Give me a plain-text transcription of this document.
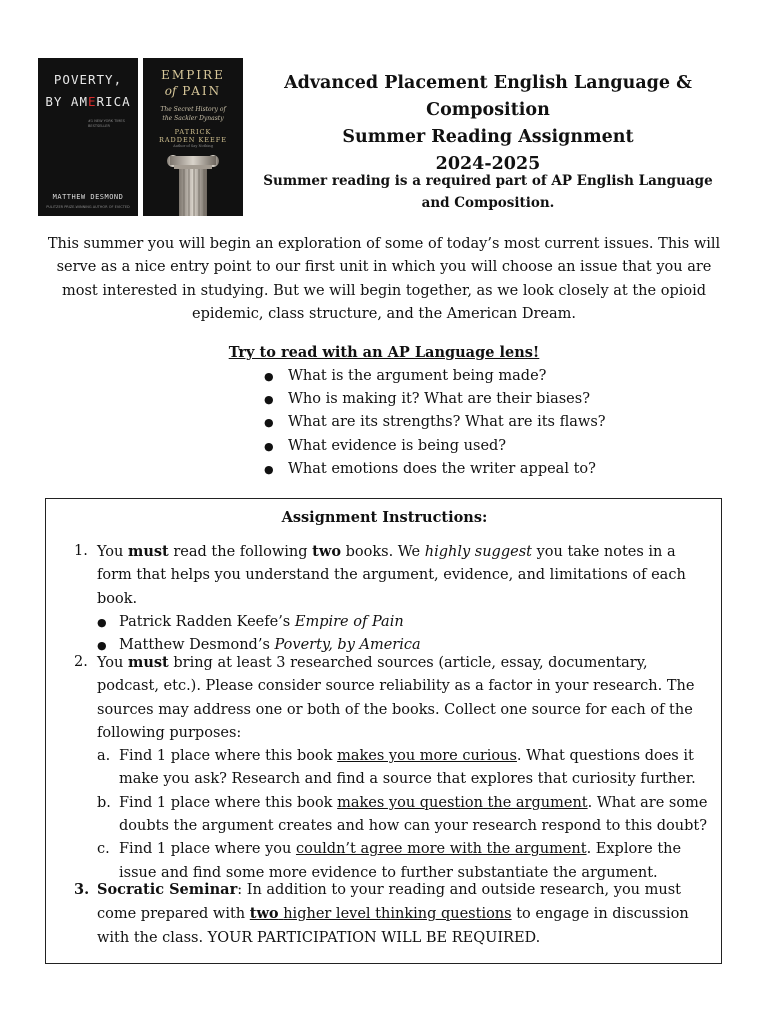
POVERTY,
BY AMERICA
#1 NEW YORK TIMES BESTSELLER
MATTHEW DESMOND
PULITZER PRIZE-WINNING AUTHOR OF EVICTED
EMPIRE
of PAIN
The Secret History of the Sackler Dynasty
PATRICK
RADDEN KEEFE
Author of Say Nothing
Advanced Placement English Language & Composition
Summer Reading Assignment
2024-2025
Summer reading is a required part of AP English Language and Composition.
This summer you will begin an exploration of some of today’s most current issues. This will serve as a nice entry point to our first unit in which you will choose an issue that you are most interested in studying. But we will begin together, as we look closely at the opioid epidemic, class structure, and the American Dream.
Try to read with an AP Language lens!
● What is the argument being made?
● Who is making it? What are their biases?
● What are its strengths? What are its flaws?
● What evidence is being used?
● What emotions does the writer appeal to?
Assignment Instructions:
1. You must read the following two books. We highly suggest you take notes in a form that helps you understand the argument, evidence, and limitations of each book.
● Patrick Radden Keefe’s Empire of Pain
● Matthew Desmond’s Poverty, by America
2. You must bring at least 3 researched sources (article, essay, documentary, podcast, etc.). Please consider source reliability as a factor in your research. The sources may address one or both of the books. Collect one source for each of the following purposes:
a. Find 1 place where this book makes you more curious. What questions does it make you ask? Research and find a source that explores that curiosity further.
b. Find 1 place where this book makes you question the argument. What are some doubts the argument creates and how can your research respond to this doubt?
c. Find 1 place where you couldn’t agree more with the argument. Explore the issue and find some more evidence to further substantiate the argument.
3. Socratic Seminar: In addition to your reading and outside research, you must come prepared with two higher level thinking questions to engage in discussion with the class. YOUR PARTICIPATION WILL BE REQUIRED.
